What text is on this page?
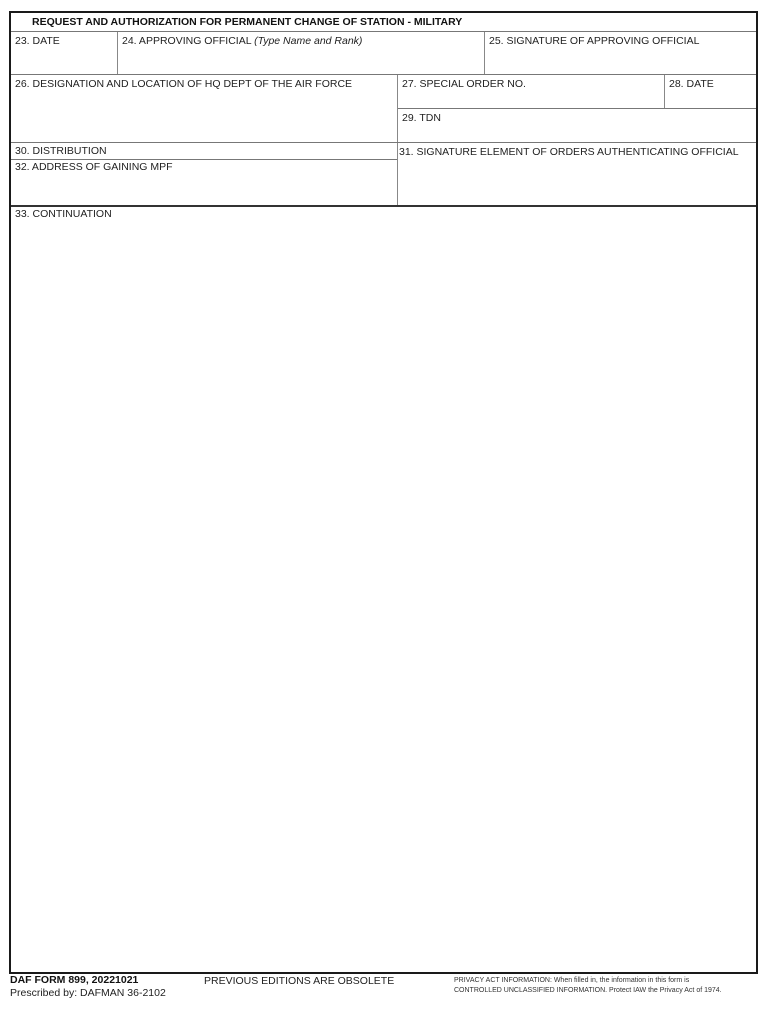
REQUEST AND AUTHORIZATION FOR PERMANENT CHANGE OF STATION - MILITARY
23. DATE	24. APPROVING OFFICIAL (Type Name and Rank)	25. SIGNATURE OF APPROVING OFFICIAL
26. DESIGNATION AND LOCATION OF HQ DEPT OF THE AIR FORCE	27. SPECIAL ORDER NO.	28. DATE
29. TDN
30. DISTRIBUTION
32. ADDRESS OF GAINING MPF
31. SIGNATURE ELEMENT OF ORDERS AUTHENTICATING OFFICIAL
33. CONTINUATION
DAF FORM 899, 20221021
Prescribed by: DAFMAN 36-2102
PREVIOUS EDITIONS ARE OBSOLETE	PRIVACY ACT INFORMATION: When filled in, the information in this form is
CONTROLLED UNCLASSIFIED INFORMATION. Protect IAW the Privacy Act of 1974.
